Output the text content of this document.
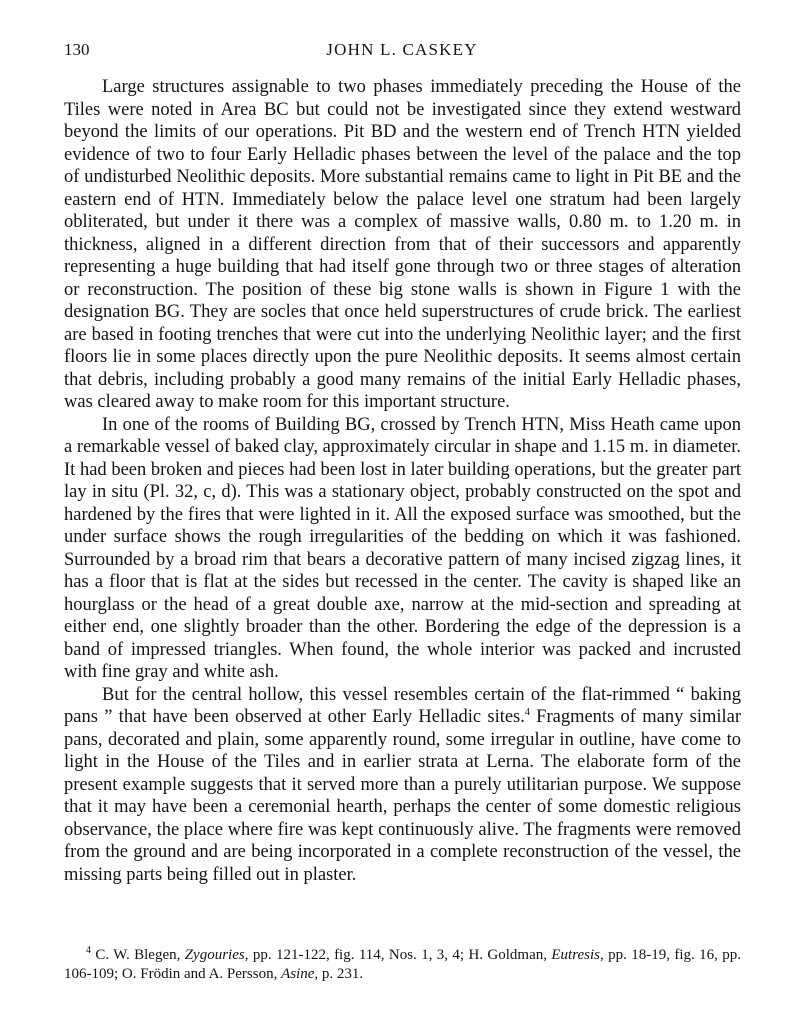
130	JOHN L. CASKEY

Large structures assignable to two phases immediately preceding the House of the Tiles were noted in Area BC but could not be investigated since they extend westward beyond the limits of our operations. Pit BD and the western end of Trench HTN yielded evidence of two to four Early Helladic phases between the level of the palace and the top of undisturbed Neolithic deposits. More substantial remains came to light in Pit BE and the eastern end of HTN. Immediately below the palace level one stratum had been largely obliterated, but under it there was a complex of massive walls, 0.80 m. to 1.20 m. in thickness, aligned in a different direction from that of their successors and apparently representing a huge building that had itself gone through two or three stages of alteration or reconstruction. The position of these big stone walls is shown in Figure 1 with the designation BG. They are socles that once held superstructures of crude brick. The earliest are based in footing trenches that were cut into the underlying Neolithic layer; and the first floors lie in some places directly upon the pure Neolithic deposits. It seems almost certain that debris, including probably a good many remains of the initial Early Helladic phases, was cleared away to make room for this important structure.

In one of the rooms of Building BG, crossed by Trench HTN, Miss Heath came upon a remarkable vessel of baked clay, approximately circular in shape and 1.15 m. in diameter. It had been broken and pieces had been lost in later building operations, but the greater part lay in situ (Pl. 32, c, d). This was a stationary object, probably constructed on the spot and hardened by the fires that were lighted in it. All the exposed surface was smoothed, but the under surface shows the rough irregularities of the bedding on which it was fashioned. Surrounded by a broad rim that bears a decorative pattern of many incised zigzag lines, it has a floor that is flat at the sides but recessed in the center. The cavity is shaped like an hourglass or the head of a great double axe, narrow at the mid-section and spreading at either end, one slightly broader than the other. Bordering the edge of the depression is a band of impressed triangles. When found, the whole interior was packed and incrusted with fine gray and white ash.

But for the central hollow, this vessel resembles certain of the flat-rimmed “ baking pans ” that have been observed at other Early Helladic sites.$^4$ Fragments of many similar pans, decorated and plain, some apparently round, some irregular in outline, have come to light in the House of the Tiles and in earlier strata at Lerna. The elaborate form of the present example suggests that it served more than a purely utilitarian purpose. We suppose that it may have been a ceremonial hearth, perhaps the center of some domestic religious observance, the place where fire was kept continuously alive. The fragments were removed from the ground and are being incorporated in a complete reconstruction of the vessel, the missing parts being filled out in plaster.

$^4$ C. W. Blegen, Zygouries, pp. 121-122, fig. 114, Nos. 1, 3, 4; H. Goldman, Eutresis, pp. 18-19, fig. 16, pp. 106-109; O. Frödin and A. Persson, Asine, p. 231.
